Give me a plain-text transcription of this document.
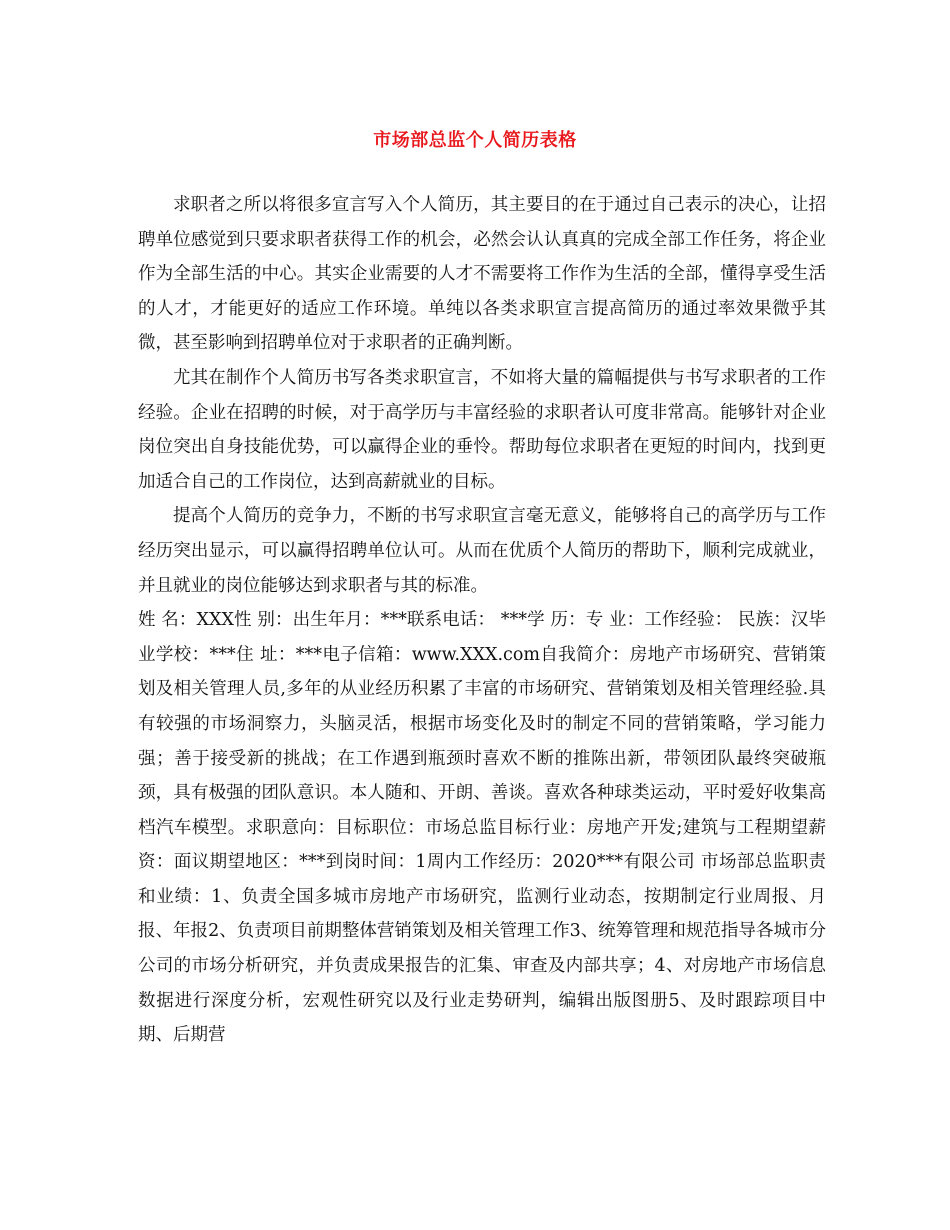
市场部总监个人简历表格

求职者之所以将很多宣言写入个人简历，其主要目的在于通过自己表示的决心，让招聘单位感觉到只要求职者获得工作的机会，必然会认认真真的完成全部工作任务，将企业作为全部生活的中心。其实企业需要的人才不需要将工作作为生活的全部，懂得享受生活的人才，才能更好的适应工作环境。单纯以各类求职宣言提高简历的通过率效果微乎其微，甚至影响到招聘单位对于求职者的正确判断。

尤其在制作个人简历书写各类求职宣言，不如将大量的篇幅提供与书写求职者的工作经验。企业在招聘的时候，对于高学历与丰富经验的求职者认可度非常高。能够针对企业岗位突出自身技能优势，可以赢得企业的垂怜。帮助每位求职者在更短的时间内，找到更加适合自己的工作岗位，达到高薪就业的目标。

提高个人简历的竞争力，不断的书写求职宣言毫无意义，能够将自己的高学历与工作经历突出显示，可以赢得招聘单位认可。从而在优质个人简历的帮助下，顺利完成就业，并且就业的岗位能够达到求职者与其的标准。

姓 名：XXX性 别：出生年月：***联系电话： ***学 历：专 业：工作经验： 民族：汉毕业学校：***住 址：***电子信箱：www.XXX.com自我简介：房地产市场研究、营销策划及相关管理人员,多年的从业经历积累了丰富的市场研究、营销策划及相关管理经验.具有较强的市场洞察力，头脑灵活，根据市场变化及时的制定不同的营销策略，学习能力强；善于接受新的挑战；在工作遇到瓶颈时喜欢不断的推陈出新，带领团队最终突破瓶颈，具有极强的团队意识。本人随和、开朗、善谈。喜欢各种球类运动，平时爱好收集高档汽车模型。求职意向：目标职位：市场总监目标行业：房地产开发;建筑与工程期望薪资：面议期望地区：***到岗时间：1周内工作经历：2020***有限公司 市场部总监职责和业绩：1、负责全国多城市房地产市场研究，监测行业动态，按期制定行业周报、月报、年报2、负责项目前期整体营销策划及相关管理工作3、统筹管理和规范指导各城市分公司的市场分析研究，并负责成果报告的汇集、审查及内部共享；4、对房地产市场信息数据进行深度分析，宏观性研究以及行业走势研判，编辑出版图册5、及时跟踪项目中期、后期营
